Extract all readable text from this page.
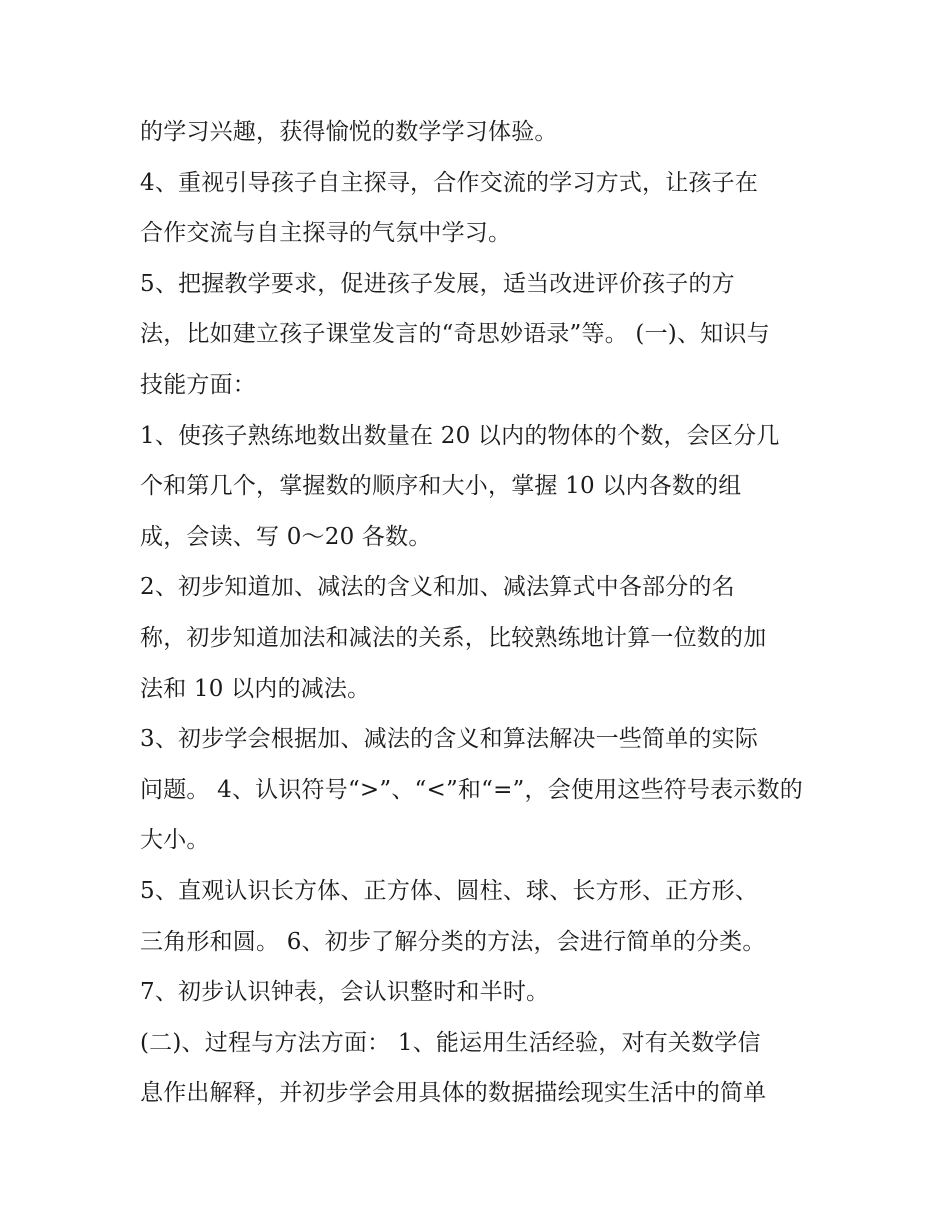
的学习兴趣，获得愉悦的数学学习体验。
4、重视引导孩子自主探寻，合作交流的学习方式，让孩子在
合作交流与自主探寻的气氛中学习。
5、把握教学要求，促进孩子发展，适当改进评价孩子的方
法，比如建立孩子课堂发言的“奇思妙语录”等。 (一)、知识与
技能方面：
1、使孩子熟练地数出数量在 20 以内的物体的个数，会区分几
个和第几个，掌握数的顺序和大小，掌握 10 以内各数的组
成，会读、写 0～20 各数。
2、初步知道加、减法的含义和加、减法算式中各部分的名
称，初步知道加法和减法的关系，比较熟练地计算一位数的加
法和 10 以内的减法。
3、初步学会根据加、减法的含义和算法解决一些简单的实际
问题。 4、认识符号“>”、“<”和“=”，会使用这些符号表示数的
大小。
5、直观认识长方体、正方体、圆柱、球、长方形、正方形、
三角形和圆。 6、初步了解分类的方法，会进行简单的分类。
7、初步认识钟表，会认识整时和半时。
(二)、过程与方法方面： 1、能运用生活经验，对有关数学信
息作出解释，并初步学会用具体的数据描绘现实生活中的简单
